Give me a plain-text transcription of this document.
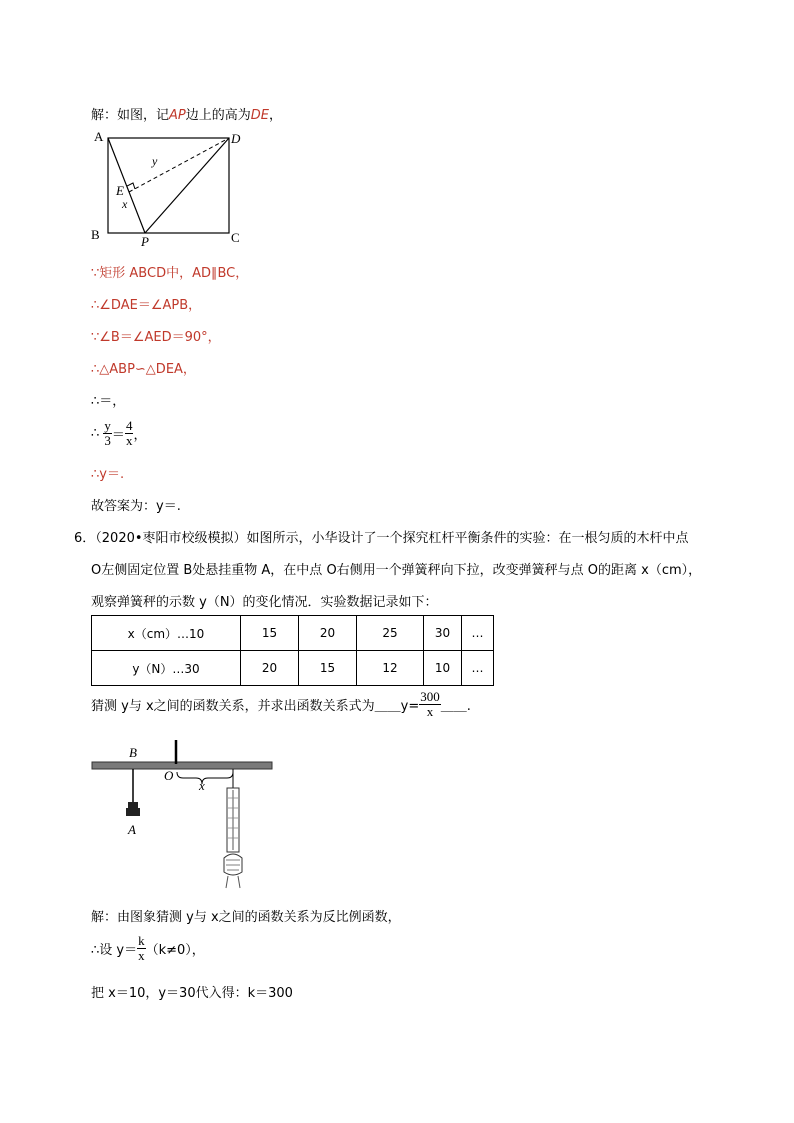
解：如图，记AP边上的高为DE，
A	D
B	C
P
E
x
y
∵矩形 ABCD中，AD∥BC，
∴∠DAE＝∠APB，
∵∠B＝∠AED＝90°，
∴△ABP∽△DEA，
∴＝，
∴ $\frac{y}{3} = \frac{4}{x}$ ，
∴y＝.
故答案为：y＝.
6．（2020•枣阳市校级模拟）如图所示，小华设计了一个探究杠杆平衡条件的实验：在一根匀质的木杆中点
O左侧固定位置 B处悬挂重物 A，在中点 O右侧用一个弹簧秤向下拉，改变弹簧秤与点 O的距离 x（cm），
观察弹簧秤的示数 y（N）的变化情况．实验数据记录如下：
x（cm）…10	15	20	25	30	…
y（N）…30	20	15	12	10	…
猜测 y与 x之间的函数关系，并求出函数关系式为＿＿y= $\frac{300}{x}$ ＿＿.
B
O
A
x
解：由图象猜测 y与 x之间的函数关系为反比例函数，
∴设 $y= \frac{k}{x} (k\ne 0)$，
把 x＝10，y＝30代入得：k＝300
